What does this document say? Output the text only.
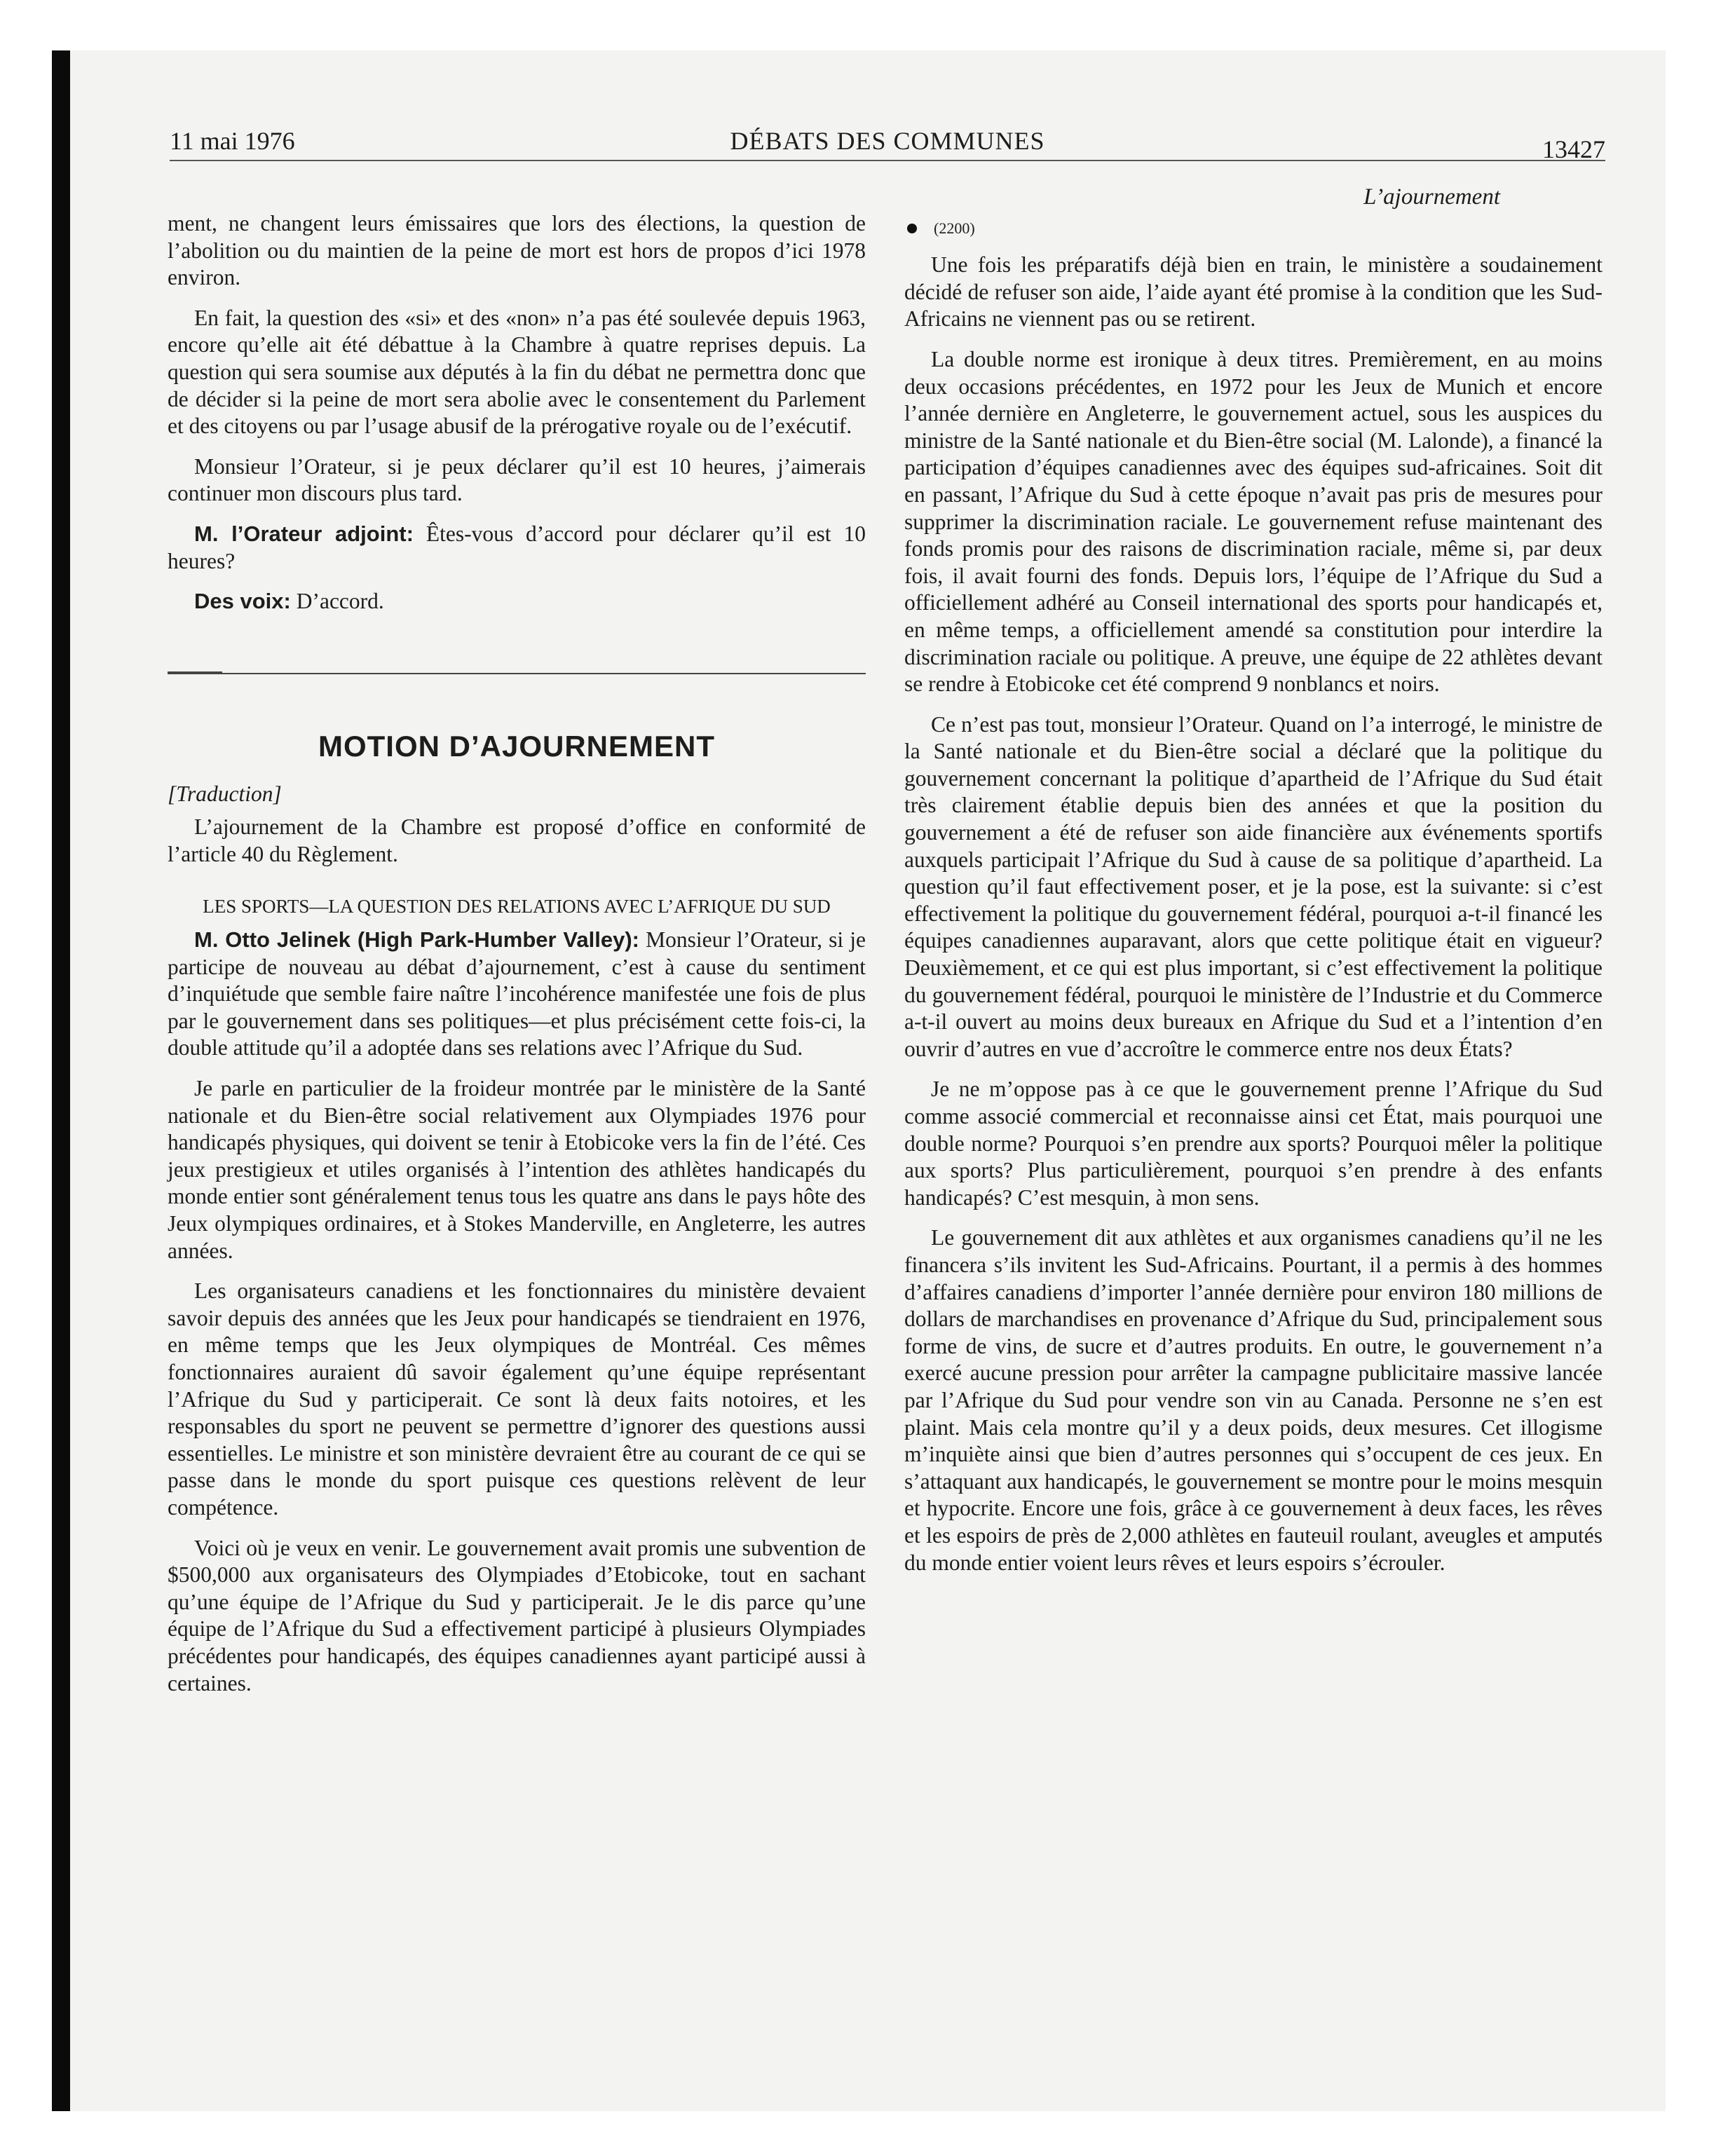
11 mai 1976	DÉBATS DES COMMUNES	13427

ment, ne changent leurs émissaires que lors des élections, la question de l’abolition ou du maintien de la peine de mort est hors de propos d’ici 1978 environ.

En fait, la question des «si» et des «non» n’a pas été soulevée depuis 1963, encore qu’elle ait été débattue à la Chambre à quatre reprises depuis. La question qui sera soumise aux députés à la fin du débat ne permettra donc que de décider si la peine de mort sera abolie avec le consentement du Parlement et des citoyens ou par l’usage abusif de la prérogative royale ou de l’exécutif.

Monsieur l’Orateur, si je peux déclarer qu’il est 10 heures, j’aimerais continuer mon discours plus tard.

M. l’Orateur adjoint: Êtes-vous d’accord pour déclarer qu’il est 10 heures?

Des voix: D’accord.

MOTION D’AJOURNEMENT
[Traduction]

L’ajournement de la Chambre est proposé d’office en conformité de l’article 40 du Règlement.

LES SPORTS—LA QUESTION DES RELATIONS AVEC L’AFRIQUE DU SUD

M. Otto Jelinek (High Park-Humber Valley): Monsieur l’Orateur, si je participe de nouveau au débat d’ajournement, c’est à cause du sentiment d’inquiétude que semble faire naître l’incohérence manifestée une fois de plus par le gouvernement dans ses politiques—et plus précisément cette fois-ci, la double attitude qu’il a adoptée dans ses relations avec l’Afrique du Sud.

Je parle en particulier de la froideur montrée par le ministère de la Santé nationale et du Bien-être social relativement aux Olympiades 1976 pour handicapés physiques, qui doivent se tenir à Etobicoke vers la fin de l’été. Ces jeux prestigieux et utiles organisés à l’intention des athlètes handicapés du monde entier sont généralement tenus tous les quatre ans dans le pays hôte des Jeux olympiques ordinaires, et à Stokes Manderville, en Angleterre, les autres années.

Les organisateurs canadiens et les fonctionnaires du ministère devaient savoir depuis des années que les Jeux pour handicapés se tiendraient en 1976, en même temps que les Jeux olympiques de Montréal. Ces mêmes fonctionnaires auraient dû savoir également qu’une équipe représentant l’Afrique du Sud y participerait. Ce sont là deux faits notoires, et les responsables du sport ne peuvent se permettre d’ignorer des questions aussi essentielles. Le ministre et son ministère devraient être au courant de ce qui se passe dans le monde du sport puisque ces questions relèvent de leur compétence.

Voici où je veux en venir. Le gouvernement avait promis une subvention de $500,000 aux organisateurs des Olympiades d’Etobicoke, tout en sachant qu’une équipe de l’Afrique du Sud y participerait. Je le dis parce qu’une équipe de l’Afrique du Sud a effectivement participé à plusieurs Olympiades précédentes pour handicapés, des équipes canadiennes ayant participé aussi à certaines.

L’ajournement
(2200)

Une fois les préparatifs déjà bien en train, le ministère a soudainement décidé de refuser son aide, l’aide ayant été promise à la condition que les Sud-Africains ne viennent pas ou se retirent.

La double norme est ironique à deux titres. Premièrement, en au moins deux occasions précédentes, en 1972 pour les Jeux de Munich et encore l’année dernière en Angleterre, le gouvernement actuel, sous les auspices du ministre de la Santé nationale et du Bien-être social (M. Lalonde), a financé la participation d’équipes canadiennes avec des équipes sud-africaines. Soit dit en passant, l’Afrique du Sud à cette époque n’avait pas pris de mesures pour supprimer la discrimination raciale. Le gouvernement refuse maintenant des fonds promis pour des raisons de discrimination raciale, même si, par deux fois, il avait fourni des fonds. Depuis lors, l’équipe de l’Afrique du Sud a officiellement adhéré au Conseil international des sports pour handicapés et, en même temps, a officiellement amendé sa constitution pour interdire la discrimination raciale ou politique. A preuve, une équipe de 22 athlètes devant se rendre à Etobicoke cet été comprend 9 nonblancs et noirs.

Ce n’est pas tout, monsieur l’Orateur. Quand on l’a interrogé, le ministre de la Santé nationale et du Bien-être social a déclaré que la politique du gouvernement concernant la politique d’apartheid de l’Afrique du Sud était très clairement établie depuis bien des années et que la position du gouvernement a été de refuser son aide financière aux événements sportifs auxquels participait l’Afrique du Sud à cause de sa politique d’apartheid. La question qu’il faut effectivement poser, et je la pose, est la suivante: si c’est effectivement la politique du gouvernement fédéral, pourquoi a-t-il financé les équipes canadiennes auparavant, alors que cette politique était en vigueur? Deuxièmement, et ce qui est plus important, si c’est effectivement la politique du gouvernement fédéral, pourquoi le ministère de l’Industrie et du Commerce a-t-il ouvert au moins deux bureaux en Afrique du Sud et a l’intention d’en ouvrir d’autres en vue d’accroître le commerce entre nos deux États?

Je ne m’oppose pas à ce que le gouvernement prenne l’Afrique du Sud comme associé commercial et reconnaisse ainsi cet État, mais pourquoi une double norme? Pourquoi s’en prendre aux sports? Pourquoi mêler la politique aux sports? Plus particulièrement, pourquoi s’en prendre à des enfants handicapés? C’est mesquin, à mon sens.

Le gouvernement dit aux athlètes et aux organismes canadiens qu’il ne les financera s’ils invitent les Sud-Africains. Pourtant, il a permis à des hommes d’affaires canadiens d’importer l’année dernière pour environ 180 millions de dollars de marchandises en provenance d’Afrique du Sud, principalement sous forme de vins, de sucre et d’autres produits. En outre, le gouvernement n’a exercé aucune pression pour arrêter la campagne publicitaire massive lancée par l’Afrique du Sud pour vendre son vin au Canada. Personne ne s’en est plaint. Mais cela montre qu’il y a deux poids, deux mesures. Cet illogisme m’inquiète ainsi que bien d’autres personnes qui s’occupent de ces jeux. En s’attaquant aux handicapés, le gouvernement se montre pour le moins mesquin et hypocrite. Encore une fois, grâce à ce gouvernement à deux faces, les rêves et les espoirs de près de 2,000 athlètes en fauteuil roulant, aveugles et amputés du monde entier voient leurs rêves et leurs espoirs s’écrouler.
